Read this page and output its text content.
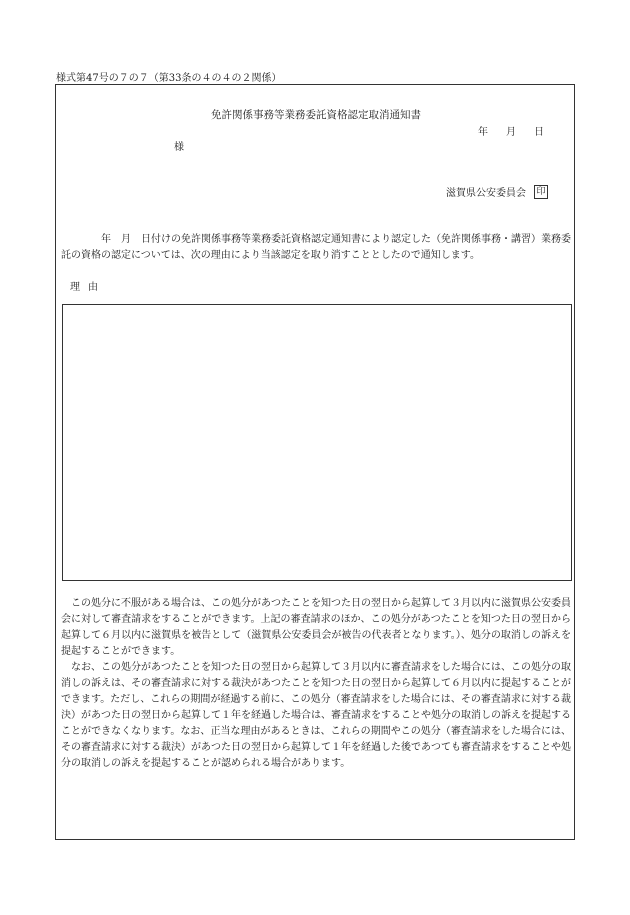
様式第47号の７の７（第33条の４の４の２関係）
免許関係事務等業務委託資格認定取消通知書
年 月 日
様
滋賀県公安委員会 印
年　月　日付けの免許関係事務等業務委託資格認定通知書により認定した（免許関係事務・講習）業務委託の資格の認定については、次の理由により当該認定を取り消すこととしたので通知します。
理由

この処分に不服がある場合は、この処分があつたことを知つた日の翌日から起算して３月以内に滋賀県公安委員会に対して審査請求をすることができます。上記の審査請求のほか、この処分があつたことを知つた日の翌日から起算して６月以内に滋賀県を被告として（滋賀県公安委員会が被告の代表者となります。）、処分の取消しの訴えを提起することができます。

なお、この処分があつたことを知つた日の翌日から起算して３月以内に審査請求をした場合には、この処分の取消しの訴えは、その審査請求に対する裁決があつたことを知つた日の翌日から起算して６月以内に提起することができます。ただし、これらの期間が経過する前に、この処分（審査請求をした場合には、その審査請求に対する裁決）があつた日の翌日から起算して１年を経過した場合は、審査請求をすることや処分の取消しの訴えを提起することができなくなります。なお、正当な理由があるときは、これらの期間やこの処分（審査請求をした場合には、その審査請求に対する裁決）があつた日の翌日から起算して１年を経過した後であつても審査請求をすることや処分の取消しの訴えを提起することが認められる場合があります。
